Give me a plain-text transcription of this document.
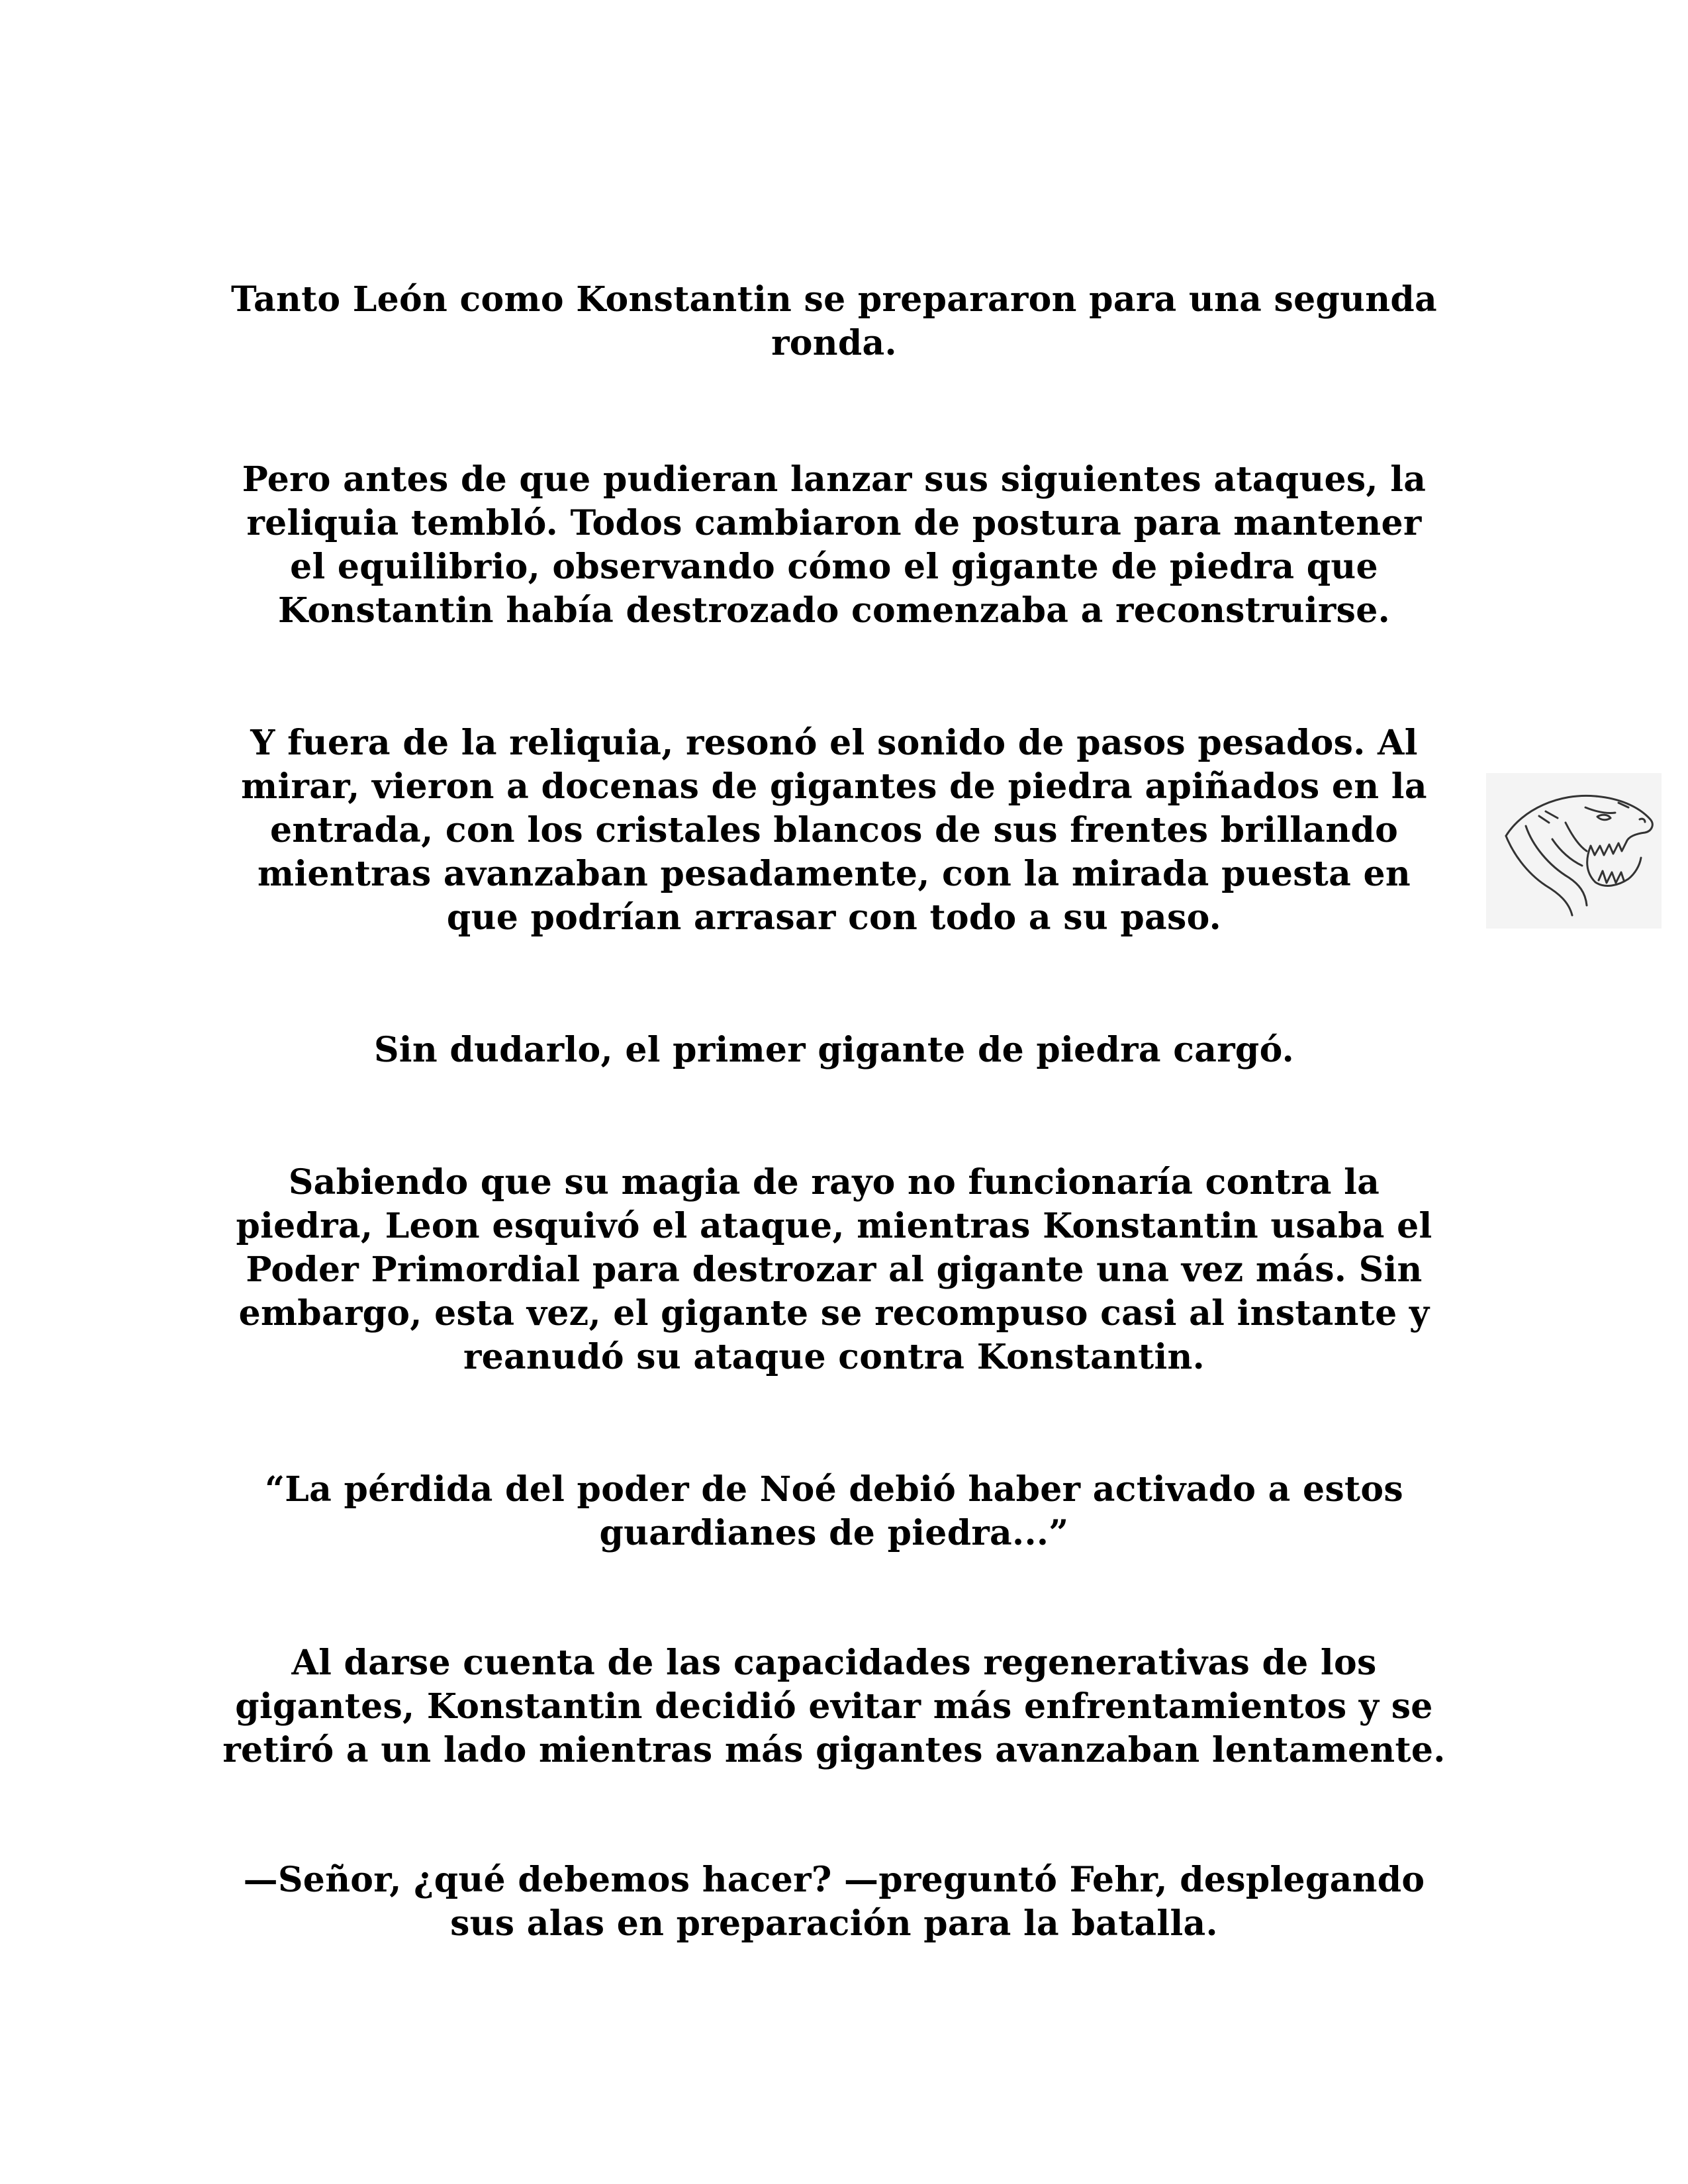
Tanto León como Konstantin se prepararon para una segunda
ronda.

Pero antes de que pudieran lanzar sus siguientes ataques, la
reliquia tembló. Todos cambiaron de postura para mantener
el equilibrio, observando cómo el gigante de piedra que
Konstantin había destrozado comenzaba a reconstruirse.

Y fuera de la reliquia, resonó el sonido de pasos pesados. Al
mirar, vieron a docenas de gigantes de piedra apiñados en la
entrada, con los cristales blancos de sus frentes brillando
mientras avanzaban pesadamente, con la mirada puesta en
que podrían arrasar con todo a su paso.

Sin dudarlo, el primer gigante de piedra cargó.

Sabiendo que su magia de rayo no funcionaría contra la
piedra, Leon esquivó el ataque, mientras Konstantin usaba el
Poder Primordial para destrozar al gigante una vez más. Sin
embargo, esta vez, el gigante se recompuso casi al instante y
reanudó su ataque contra Konstantin.

“La pérdida del poder de Noé debió haber activado a estos
guardianes de piedra...”

Al darse cuenta de las capacidades regenerativas de los
gigantes, Konstantin decidió evitar más enfrentamientos y se
retiró a un lado mientras más gigantes avanzaban lentamente.

—Señor, ¿qué debemos hacer? —preguntó Fehr, desplegando
sus alas en preparación para la batalla.
